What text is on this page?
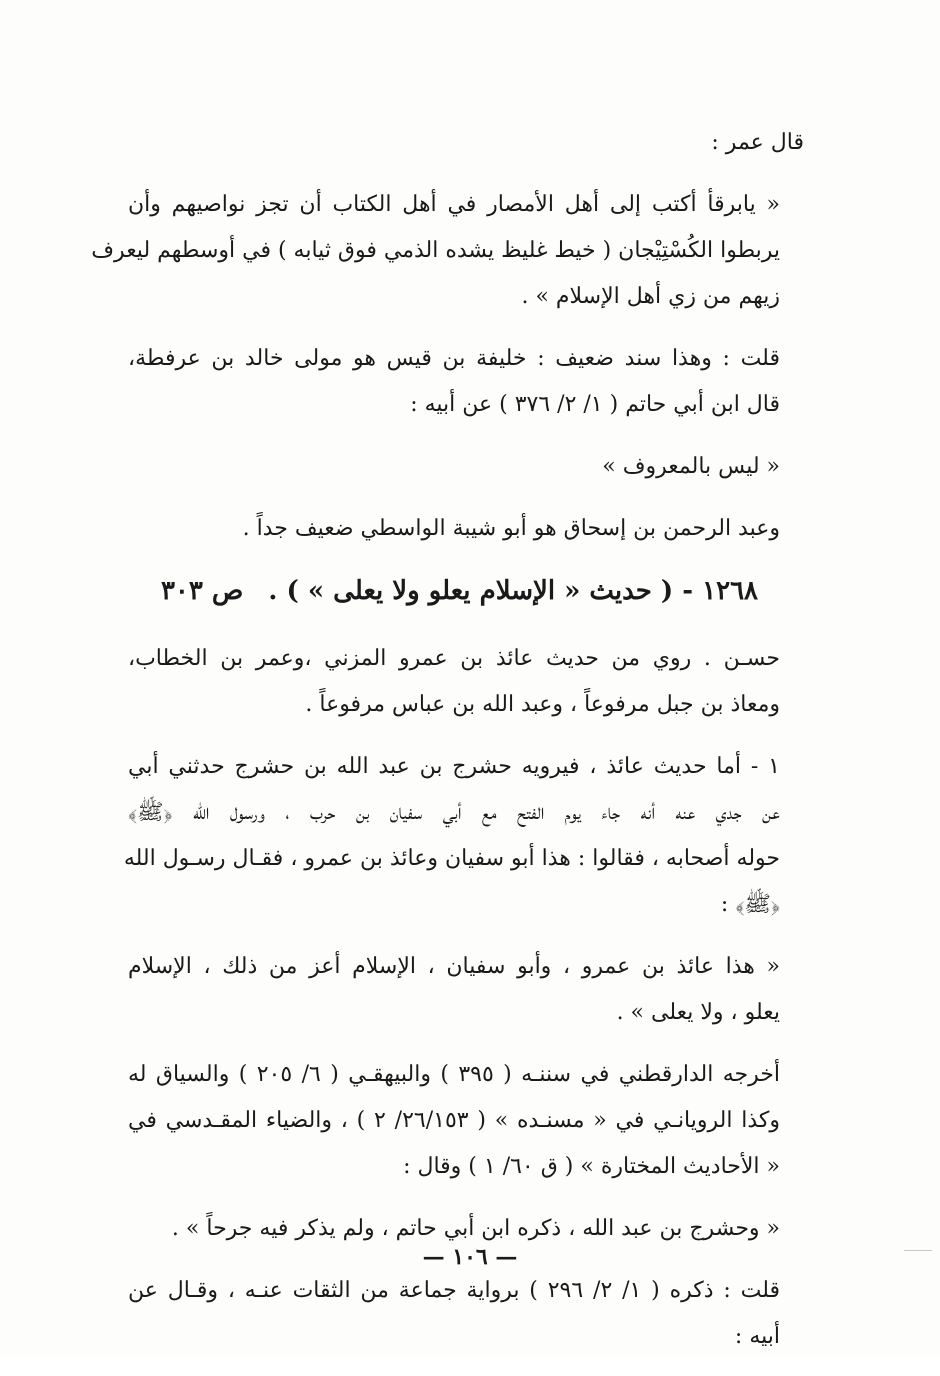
قال عمر :
« يابرقأ أكتب إلى أهل الأمصار في أهل الكتاب أن تجز نواصيهم وأن
يربطوا الكُسْتِيْجان ( خيط غليظ يشده الذمي فوق ثيابه ) في أوسطهم ليعرف
زيهم من زي أهل الإسلام » .
قلت : وهذا سند ضعيف : خليفة بن قيس هو مولى خالد بن عرفطة،
قال ابن أبي حاتم ( ١/ ٢/ ٣٧٦ ) عن أبيه :
« ليس بالمعروف »
وعبد الرحمن بن إسحاق هو أبو شيبة الواسطي ضعيف جداً .
١٢٦٨ - ( حديث « الإسلام يعلو ولا يعلى » ) . ص ٣٠٣
حسـن . روي من حديث عائذ بن عمرو المزني ،وعمر بن الخطاب،
ومعاذ بن جبل مرفوعاً ، وعبد الله بن عباس مرفوعاً .
١ - أما حديث عائذ ، فيرويه حشرج بن عبد الله بن حشرج حدثني أبي
عن جدي عنه أنه جاء يوم الفتح مع أبي سفيان بن حرب ، ورسول الله ﴿ﷺ﴾
حوله أصحابه ، فقالوا : هذا أبو سفيان وعائذ بن عمرو ، فقـال رسـول الله
﴿ﷺ﴾ :
« هذا عائذ بن عمرو ، وأبو سفيان ، الإسلام أعز من ذلك ، الإسلام
يعلو ، ولا يعلى » .
أخرجه الدارقطني في سننـه ( ٣٩٥ ) والبيهقـي ( ٦/ ٢٠٥ ) والسياق له
وكذا الرويانـي في « مسنـده » ( ٢٦/١٥٣/ ٢ ) ، والضياء المقـدسي في
« الأحاديث المختارة » ( ق ٦٠/ ١ ) وقال :
« وحشرج بن عبد الله ، ذكره ابن أبي حاتم ، ولم يذكر فيه جرحاً » .
قلت : ذكره ( ١/ ٢/ ٢٩٦ ) برواية جماعة من الثقات عنـه ، وقـال عن
أبيه :
— ١٠٦ —
